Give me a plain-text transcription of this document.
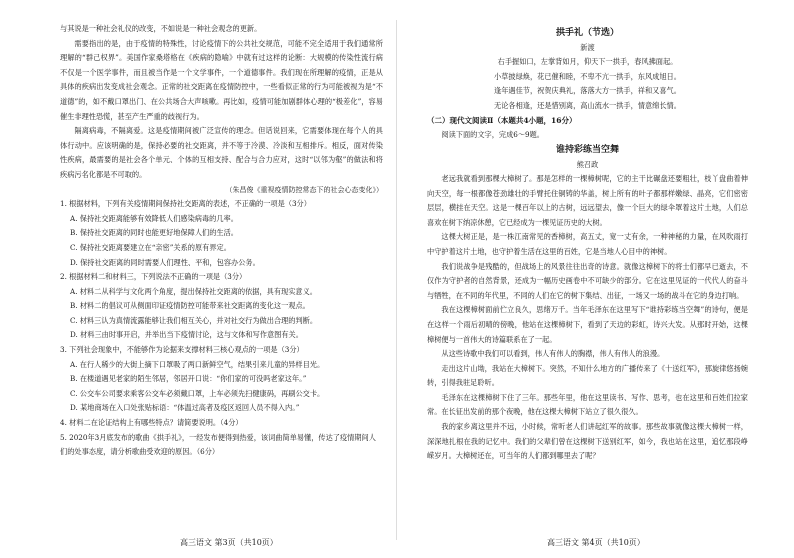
与其说是一种社会礼仪的改变，不如说是一种社会观念的更新。

需要指出的是，由于疫情的特殊性，讨论疫情下的公共社交规范，可能不完全适用于我们通常所理解的“群己权界”。美国作家桑塔格在《疾病的隐喻》中就有过这样的论断：大规模的传染性流行病不仅是一个医学事件，而且被当作是一个文学事件，一个道德事件。我们现在所理解的疫情，正是从具体的疾病出发变成社会观念。正常的社交距离在疫情防控中，一些看似正常的行为可能被视为是“不道德”的，如不戴口罩出门、在公共场合大声咳嗽。再比如，疫情可能加剧群体心理的“极差化”，容易催生非理性恐慌，甚至产生严重的歧视行为。

隔离病毒，不隔离爱。这是疫情期间被广泛宣传的理念。但话说回来，它需要体现在每个人的具体行动中。应该明确的是，保持必要的社交距离，并不等于冷漠、冷淡和互相排斥。相反，面对传染性疾病，最需要的是社会各个单元、个体的互相支持、配合与合力应对，这时“以邻为壑”的做法和将疾病污名化都是不可取的。

（朱昌俊《重视疫情防控常态下的社会心态变化》）

1. 根据材料，下列有关疫情期间保持社交距离的表述，不正确的一项是（3分）

A. 保持社交距离能够有效降低人们感染病毒的几率。

B. 保持社交距离的同时也能更好地保障人们的生活。

C. 保持社交距离要建立在“亲密”关系的原有界定。

D. 保持社交距离的同时需要人们理性、平和，包容办公务。

2. 根据材料二和材料三，下列说法不正确的一项是（3分）

A. 材料二从科学与文化两个角度，提出保持社交距离的依据，具有现实意义。

B. 材料二的倡议可从侧面印证疫情防控可能带来社交距离的变化这一观点。

C. 材料三认为真情流露能够让我们相互关心，并对社交行为做出合理的判断。

D. 材料三由时事开启，并举出当下疫情讨论，这与文体和写作意图有关。

3. 下列社会现象中，不能够作为论据来支撑材料三核心观点的一项是（3分）

A. 在行人稀少的大街上摘下口罩吸了两口新鲜空气，结果引来儿童的异样目光。

B. 在楼道遇见老家的陌生邻居，邻居开口说：“你们家的可没吗老家这年。”

C. 公交车公司要求乘客公交车必须戴口罩，上车必须先扫健康码，再刷公交卡。

D. 某地商场在入口处张贴标语：“体温过高者及疫区返回人员不得入内。”

4. 材料二在论证结构上有哪些特点？请简要说明。（4分）

5. 2020年3月底发布的歌曲《拱手礼》，一经发布便得到热爱，该词曲简单易懂，传达了疫情期间人们的处事态度，请分析歌曲受欢迎的原因。（6分）

高三语文 第3页（共10页）

拱手礼（节选）

新渡

右手握如口，左掌背如月，仰天下一拱手，春风拂面起。

小草披绿焕，花已催和睦，不卑不亢一拱手，东风成旭日。

逢年遇佳节，祝贺庆典礼，落落大方一拱手，祥和又喜气。

无论各相逢，还是惜别离，高山流水一拱手，情意绵长情。

（二）现代文阅读Ⅱ（本题共4小题，16分）

阅读下面的文字，完成6～9题。

谁持彩练当空舞

熊召政

老远我就看到那棵大樟树了。那是怎样的一棵樟树呢，它的主干比碾盘还要粗壮，枝丫盘曲着伸向天空，每一根都像苍劲雄壮的手臂托住铜铸的华盖，树上所有的叶子都那样嫩绿、晶亮，它们密密层层，横挂在天空。这是一棵百年以上的古树，远远望去，像一个巨大的绿伞罩着这片土地，人们总喜欢在树下纳凉休憩，它已经成为一棵见证历史的大树。

这棵大树正是，是一株江南常见的香樟树，高五丈，宽一丈有余，一种神秘的力量，在风吹雨打中守护着这片土地，也守护着生活在这里的百姓，它是当地人心目中的神树。

我们说战争是残酷的，但战场上的风景往往出奇的诗意。就像这樟树下的将士们都早已逝去，不仅作为守护者的自然背景，还成为一幅历史画卷中不可缺少的部分。它在这里见证的一代代人的奋斗与牺牲，在不同的年代里，不同的人们在它的树下集结、出征，一场又一场的战斗在它的身边打响。

我在这棵樟树面前伫立良久，思绪万千。当年毛泽东在这里写下“谁持彩练当空舞”的诗句，便是在这样一个雨后初晴的傍晚，他站在这棵樟树下，看到了天边的彩虹，诗兴大发。从那时开始，这棵樟树便与一首伟大的诗篇联系在了一起。

从这些诗歌中我们可以看到，伟人有伟人的胸襟，伟人有伟人的浪漫。

走出这片山坳，我站在大樟树下。突然，不知什么地方的广播传来了《十送红军》，那旋律悠扬婉转，引得我驻足聆听。

毛泽东在这棵樟树下住了三年。那些年里，他在这里读书、写作、思考，也在这里和百姓们拉家常。在长征出发前的那个夜晚，他在这棵大樟树下站立了很久很久。

我的家乡离这里并不远，小时候，常听老人们讲起红军的故事。那些故事就像这棵大樟树一样，深深地扎根在我的记忆中。我们的父辈们曾在这棵树下送别红军，如今，我也站在这里，追忆那段峥嵘岁月。大樟树还在，可当年的人们都到哪里去了呢？

高三语文 第4页（共10页）
